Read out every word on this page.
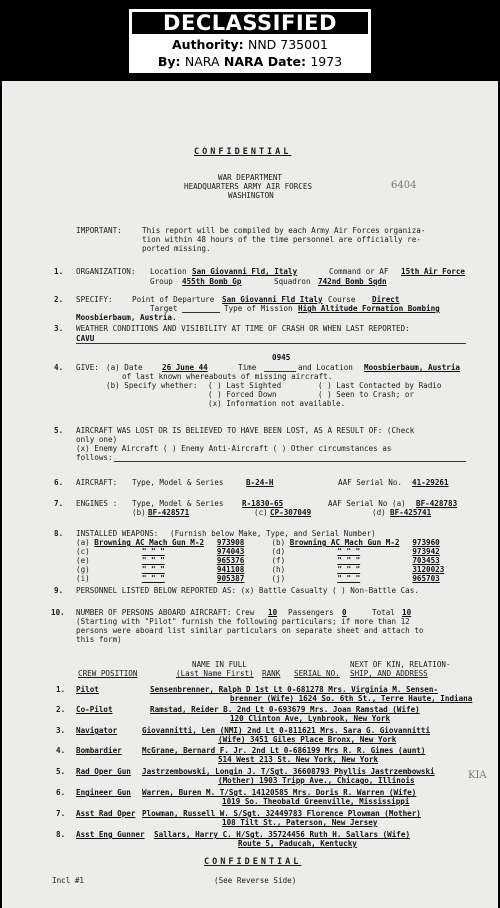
DECLASSIFIED
Authority: NND 735001
By: NARA NARA Date: 1973
CONFIDENTIAL
6404
WAR DEPARTMENT
HEADQUARTERS ARMY AIR FORCES
WASHINGTON
IMPORTANT:	This report will be compiled by each Army Air Forces organiza-
tion within 48 hours of the time personnel are officially re-
ported missing.
1. ORGANIZATION: Location San Giovanni Fld, Italy	Command or AF 15th Air Force
Group 455th Bomb Gp	Squadron 742nd Bomb Sqdn
2. SPECIFY:	Point of Departure San Giovanni Fld Italy Course Direct
Target	Type of Mission High Altitude Formation Bombing
Moosbierbaum, Austria.
3. WEATHER CONDITIONS AND VISIBILITY AT TIME OF CRASH OR WHEN LAST REPORTED:
CAVU
0945
4. GIVE: (a) Date	26 June 44	Time	and Location Moosbierbaum, Austria
of last known whereabouts of missing aircraft.
(b) Specify whether: ( ) Last Sighted	( ) Last Contacted by Radio
( ) Forced Down	( ) Seen to Crash; or
(x) Information not available.
5. AIRCRAFT WAS LOST OR IS BELIEVED TO HAVE BEEN LOST, AS A RESULT OF: (Check
only one)
(x) Enemy Aircraft ( ) Enemy Anti-Aircraft ( ) Other circumstances as
follows:
6. AIRCRAFT: Type, Model & Series	B-24-H	AAF Serial No. 41-29261
7. ENGINES : Type, Model & Series R-1830-65	AAF Serial No (a) BF-428783
(b) BF-428571	(c) CP-307049	(d) BF-425741
8. INSTALLED WEAPONS: (Furnish below Make, Type, and Serial Number)
(a) Browning AC Mach Gun M-2 973908	(b) Browning AC Mach Gun M-2 973960
(c)	" " "	974043	(d)	" " "	973942
(e)	" " "	965376	(f)	" " "	703453
(g)	" " "	941108	(h)	" " "	3120023
(i)	" " "	905387	(j)	" " "	965703
9. PERSONNEL LISTED BELOW REPORTED AS: (x) Battle Casualty ( ) Non-Battle Cas.
10. NUMBER OF PERSONS ABOARD AIRCRAFT: Crew 10 Passengers 0	Total 10
(Starting with "Pilot" furnish the following particulars; if more than 12
persons were aboard list similar particulars on separate sheet and attach to
this form)
NAME IN FULL	NEXT OF KIN, RELATION-
CREW POSITION	(Last Name First) RANK SERIAL NO. SHIP, AND ADDRESS
1. Pilot	Sensenbrenner, Ralph D 1st Lt 0-681278 Mrs. Virginia M. Sensen-
brenner (Wife) 1624 So. 6th St., Terre Haute, Indiana
2. Co-Pilot	Ramstad, Reider B. 2nd Lt 0-693679 Mrs. Joan Ramstad (Wife)
120 Clinton Ave, Lynbrook, New York
3. Navigator	Giovannitti, Len (NMI) 2nd Lt 0-811621 Mrs. Sara G. Giovannitti
(Wife) 3451 Giles Place Bronx, New York
4. Bombardier	McGrane, Bernard F. Jr. 2nd Lt 0-686199 Mrs R. R. Gimes (aunt)
514 West 213 St. New York, New York
5. Rad Oper Gun Jastrzembowski, Longin J. T/Sgt. 36608793 Phyllis Jastrzembowski
(Mother) 1903 Tripp Ave., Chicago, Illinois	KIA
6. Engineer Gun Warren, Buren M. T/Sgt. 14120585 Mrs. Doris R. Warren (Wife)
1019 So. Theobald Greenville, Mississippi
7. Asst Rad Oper Plowman, Russell W. S/Sgt. 32449783 Florence Plowman (Mother)
108 Tilt St., Paterson, New Jersey
8. Asst Eng Gunner Sallars, Harry C. H/Sgt. 35724456 Ruth H. Sallars (Wife)
Route 5, Paducah, Kentucky
CONFIDENTIAL
Incl #1	(See Reverse Side)
